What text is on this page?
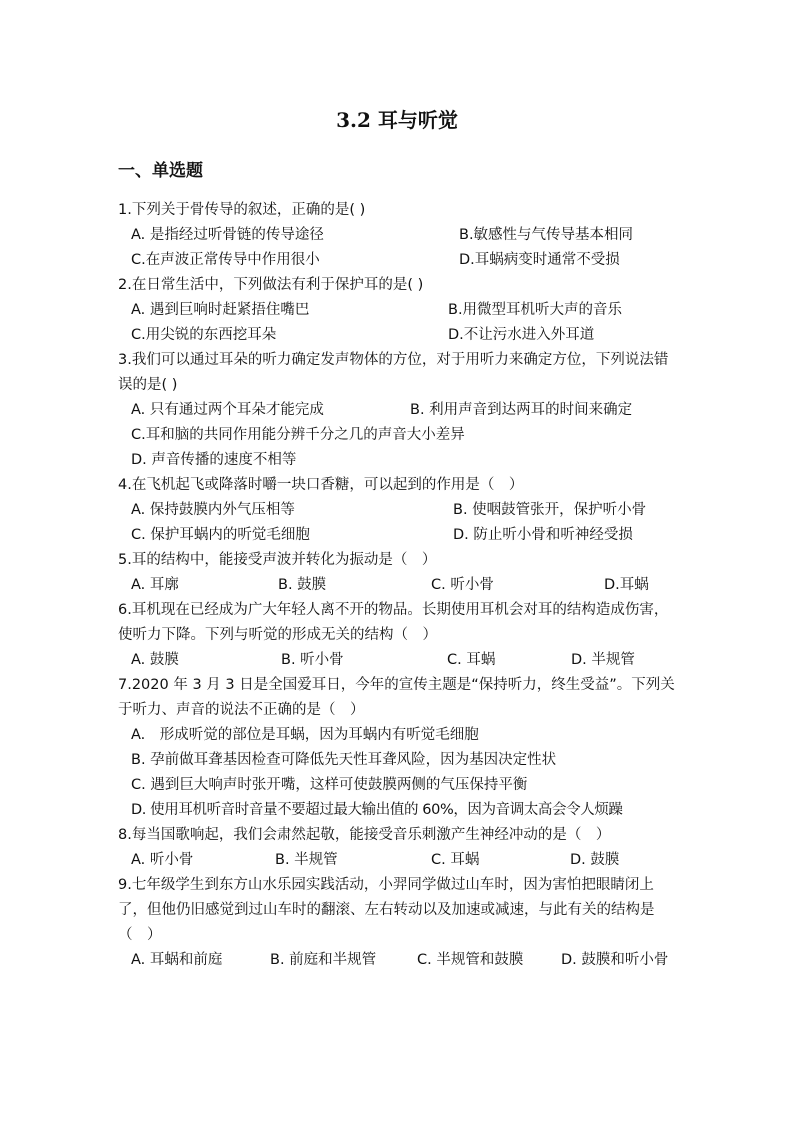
3.2 耳与听觉
一、单选题
1.下列关于骨传导的叙述，正确的是( )
A. 是指经过听骨链的传导途径	B.敏感性与气传导基本相同
C.在声波正常传导中作用很小	D.耳蜗病变时通常不受损
2.在日常生活中，下列做法有利于保护耳的是( )
A. 遇到巨响时赶紧捂住嘴巴	B.用微型耳机听大声的音乐
C.用尖锐的东西挖耳朵	D.不让污水进入外耳道
3.我们可以通过耳朵的听力确定发声物体的方位，对于用听力来确定方位，下列说法错误的是( )
A. 只有通过两个耳朵才能完成	B. 利用声音到达两耳的时间来确定
C.耳和脑的共同作用能分辨千分之几的声音大小差异
D. 声音传播的速度不相等
4.在飞机起飞或降落时嚼一块口香糖，可以起到的作用是（　）
A. 保持鼓膜内外气压相等	B. 使咽鼓管张开，保护听小骨
C. 保护耳蜗内的听觉毛细胞	D. 防止听小骨和听神经受损
5.耳的结构中，能接受声波并转化为振动是（　）
A. 耳廓	B. 鼓膜	C. 听小骨	D.耳蜗
6.耳机现在已经成为广大年轻人离不开的物品。长期使用耳机会对耳的结构造成伤害，使听力下降。下列与听觉的形成无关的结构（　）
A. 鼓膜	B. 听小骨	C. 耳蜗	D. 半规管
7.2020 年 3 月 3 日是全国爱耳日，今年的宣传主题是“保持听力，终生受益”。下列关于听力、声音的说法不正确的是（　）
A.　形成听觉的部位是耳蜗，因为耳蜗内有听觉毛细胞
B. 孕前做耳聋基因检查可降低先天性耳聋风险，因为基因决定性状
C. 遇到巨大响声时张开嘴，这样可使鼓膜两侧的气压保持平衡
D. 使用耳机听音时音量不要超过最大输出值的 60%，因为音调太高会令人烦躁
8.每当国歌响起，我们会肃然起敬，能接受音乐刺激产生神经冲动的是（　）
A. 听小骨	B. 半规管	C. 耳蜗	D. 鼓膜
9.七年级学生到东方山水乐园实践活动，小羿同学做过山车时，因为害怕把眼睛闭上了，但他仍旧感觉到过山车时的翻滚、左右转动以及加速或减速，与此有关的结构是（　）
A. 耳蜗和前庭	B. 前庭和半规管	C. 半规管和鼓膜	D. 鼓膜和听小骨
